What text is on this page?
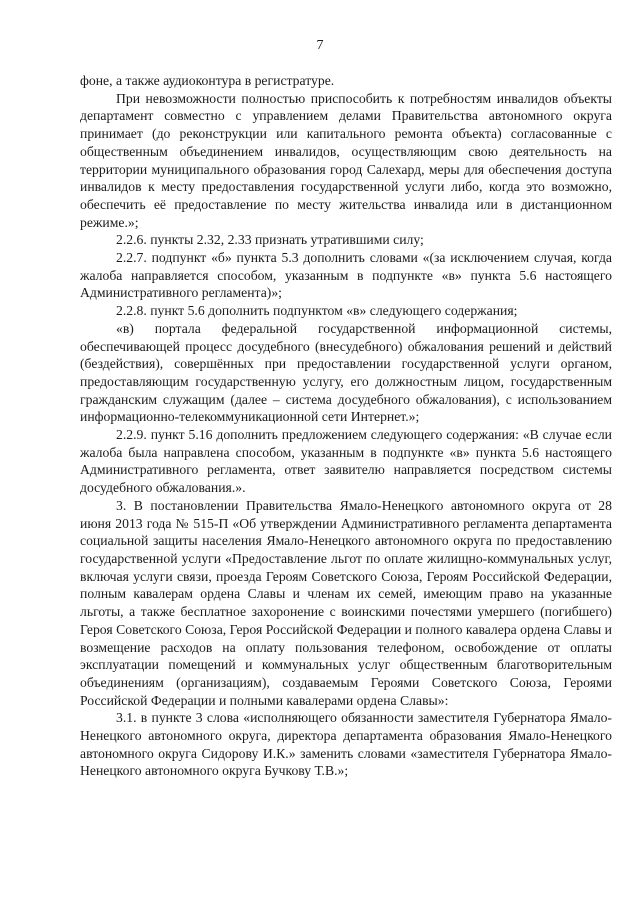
7

фоне, а также аудиоконтура в регистратуре.

При невозможности полностью приспособить к потребностям инвалидов объекты департамент совместно с управлением делами Правительства автономного округа принимает (до реконструкции или капитального ремонта объекта) согласованные с общественным объединением инвалидов, осуществляющим свою деятельность на территории муниципального образования город Салехард, меры для обеспечения доступа инвалидов к месту предоставления государственной услуги либо, когда это возможно, обеспечить её предоставление по месту жительства инвалида или в дистанционном режиме.»;

2.2.6. пункты 2.32, 2.33 признать утратившими силу;

2.2.7. подпункт «б» пункта 5.3 дополнить словами «(за исключением случая, когда жалоба направляется способом, указанным в подпункте «в» пункта 5.6 настоящего Административного регламента)»;

2.2.8. пункт 5.6 дополнить подпунктом «в» следующего содержания;

«в) портала федеральной государственной информационной системы, обеспечивающей процесс досудебного (внесудебного) обжалования решений и действий (бездействия), совершённых при предоставлении государственной услуги органом, предоставляющим государственную услугу, его должностным лицом, государственным гражданским служащим (далее – система досудебного обжалования), с использованием информационно-телекоммуникационной сети Интернет.»;

2.2.9. пункт 5.16 дополнить предложением следующего содержания: «В случае если жалоба была направлена способом, указанным в подпункте «в» пункта 5.6 настоящего Административного регламента, ответ заявителю направляется посредством системы досудебного обжалования.».

3. В постановлении Правительства Ямало-Ненецкого автономного округа от 28 июня 2013 года № 515-П «Об утверждении Административного регламента департамента социальной защиты населения Ямало-Ненецкого автономного округа по предоставлению государственной услуги «Предоставление льгот по оплате жилищно-коммунальных услуг, включая услуги связи, проезда Героям Советского Союза, Героям Российской Федерации, полным кавалерам ордена Славы и членам их семей, имеющим право на указанные льготы, а также бесплатное захоронение с воинскими почестями умершего (погибшего) Героя Советского Союза, Героя Российской Федерации и полного кавалера ордена Славы и возмещение расходов на оплату пользования телефоном, освобождение от оплаты эксплуатации помещений и коммунальных услуг общественным благотворительным объединениям (организациям), создаваемым Героями Советского Союза, Героями Российской Федерации и полными кавалерами ордена Славы»:

3.1. в пункте 3 слова «исполняющего обязанности заместителя Губернатора Ямало-Ненецкого автономного округа, директора департамента образования Ямало-Ненецкого автономного округа Сидорову И.К.» заменить словами «заместителя Губернатора Ямало-Ненецкого автономного округа Бучкову Т.В.»;
